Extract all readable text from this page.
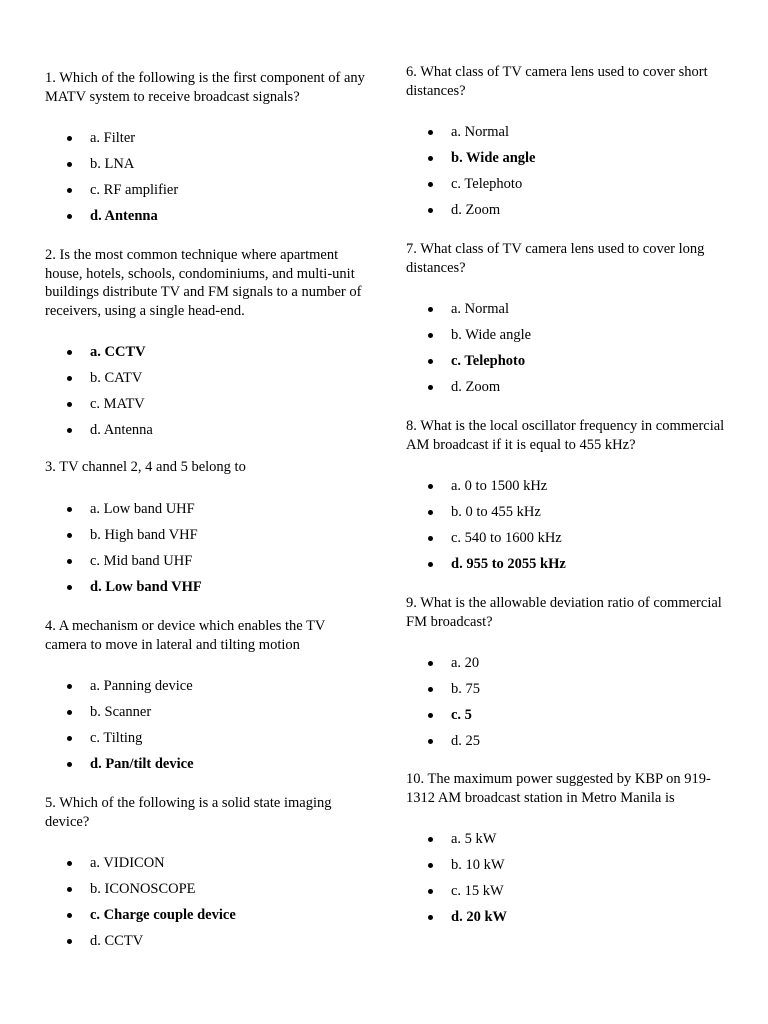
1. Which of the following is the first component of any MATV system to receive broadcast signals?

a. Filter
b. LNA
c. RF amplifier
d. Antenna

2. Is the most common technique where apartment house, hotels, schools, condominiums, and multi-unit buildings distribute TV and FM signals to a number of receivers, using a single head-end.

a. CCTV
b. CATV
c. MATV
d. Antenna

3. TV channel 2, 4 and 5 belong to

a. Low band UHF
b. High band VHF
c. Mid band UHF
d. Low band VHF

4. A mechanism or device which enables the TV camera to move in lateral and tilting motion

a. Panning device
b. Scanner
c. Tilting
d. Pan/tilt device

5. Which of the following is a solid state imaging device?

a. VIDICON
b. ICONOSCOPE
c. Charge couple device
d. CCTV

6. What class of TV camera lens used to cover short distances?

a. Normal
b. Wide angle
c. Telephoto
d. Zoom

7. What class of TV camera lens used to cover long distances?

a. Normal
b. Wide angle
c. Telephoto
d. Zoom

8. What is the local oscillator frequency in commercial AM broadcast if it is equal to 455 kHz?

a. 0 to 1500 kHz
b. 0 to 455 kHz
c. 540 to 1600 kHz
d. 955 to 2055 kHz

9. What is the allowable deviation ratio of commercial FM broadcast?

a. 20
b. 75
c. 5
d. 25

10. The maximum power suggested by KBP on 919-1312 AM broadcast station in Metro Manila is

a. 5 kW
b. 10 kW
c. 15 kW
d. 20 kW
